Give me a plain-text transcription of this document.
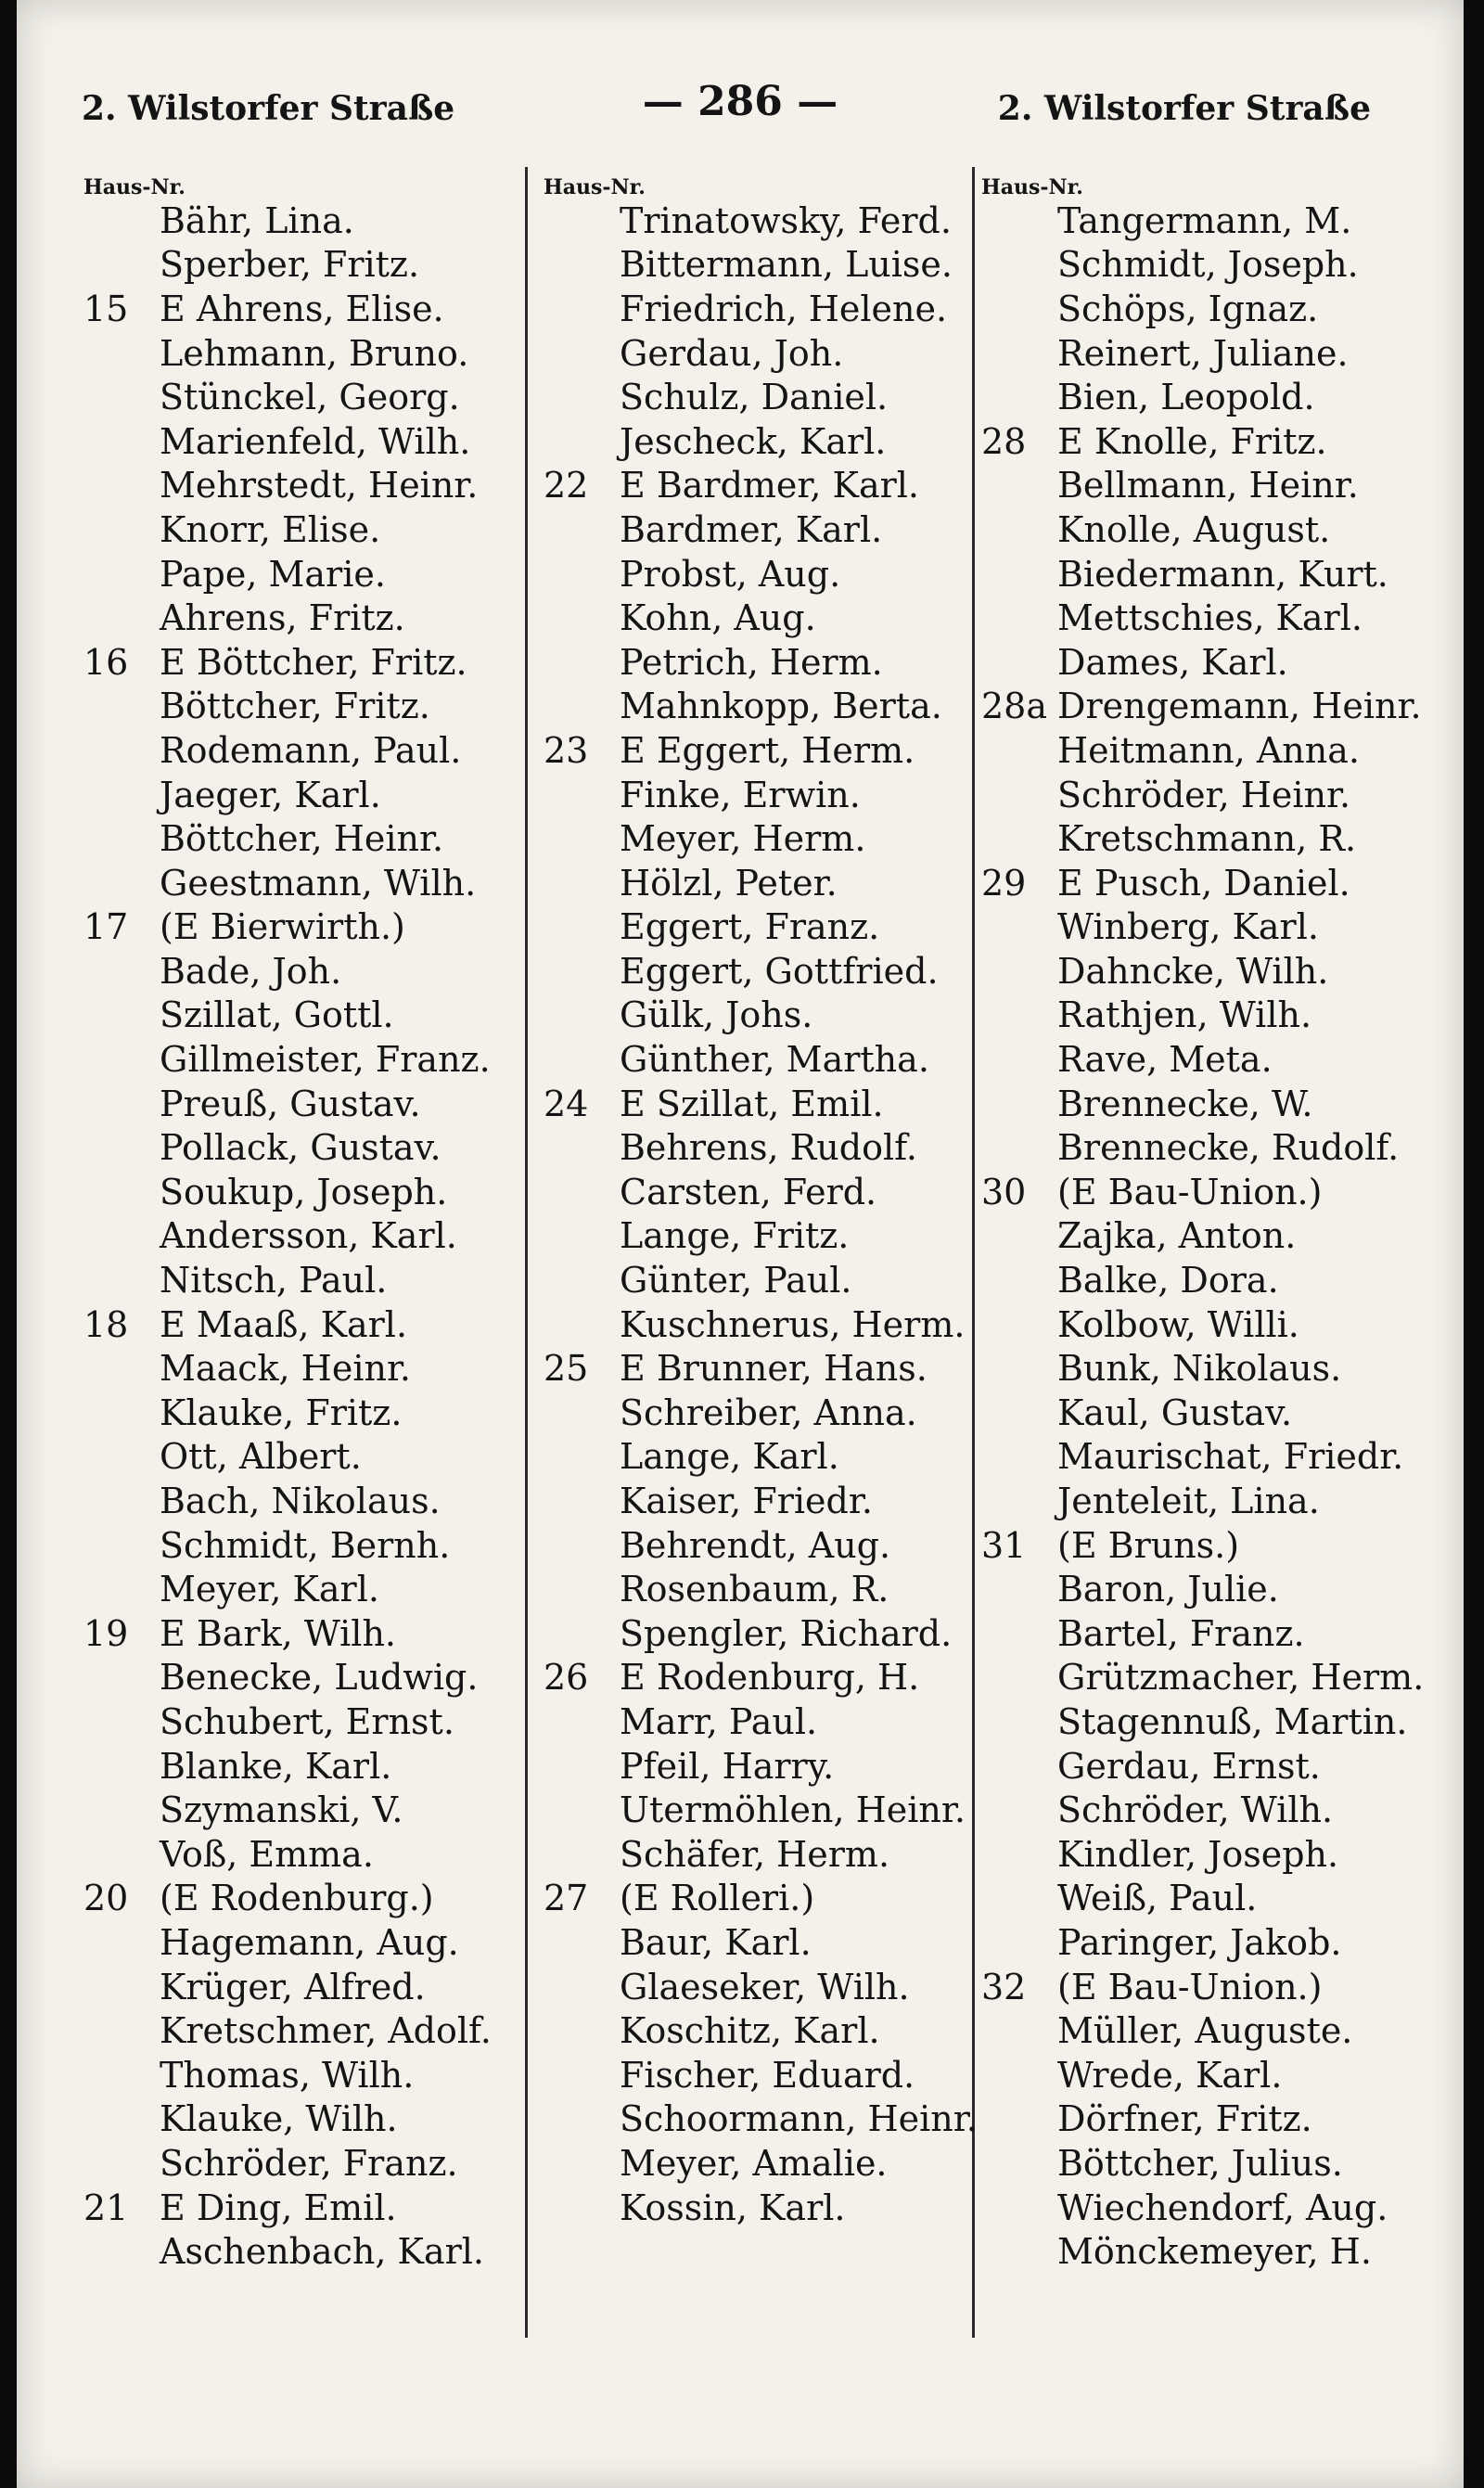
2. Wilstorfer Straße	— 286 —	2. Wilstorfer Straße
Haus-Nr.
Bähr, Lina.
Sperber, Fritz.
15 E Ahrens, Elise.
Lehmann, Bruno.
Stünckel, Georg.
Marienfeld, Wilh.
Mehrstedt, Heinr.
Knorr, Elise.
Pape, Marie.
Ahrens, Fritz.
16 E Böttcher, Fritz.
Böttcher, Fritz.
Rodemann, Paul.
Jaeger, Karl.
Böttcher, Heinr.
Geestmann, Wilh.
17 (E Bierwirth.)
Bade, Joh.
Szillat, Gottl.
Gillmeister, Franz.
Preuß, Gustav.
Pollack, Gustav.
Soukup, Joseph.
Andersson, Karl.
Nitsch, Paul.
18 E Maaß, Karl.
Maack, Heinr.
Klauke, Fritz.
Ott, Albert.
Bach, Nikolaus.
Schmidt, Bernh.
Meyer, Karl.
19 E Bark, Wilh.
Benecke, Ludwig.
Schubert, Ernst.
Blanke, Karl.
Szymanski, V.
Voß, Emma.
20 (E Rodenburg.)
Hagemann, Aug.
Krüger, Alfred.
Kretschmer, Adolf.
Thomas, Wilh.
Klauke, Wilh.
Schröder, Franz.
21 E Ding, Emil.
Aschenbach, Karl.
Haus-Nr.
Trinatowsky, Ferd.
Bittermann, Luise.
Friedrich, Helene.
Gerdau, Joh.
Schulz, Daniel.
Jescheck, Karl.
22 E Bardmer, Karl.
Bardmer, Karl.
Probst, Aug.
Kohn, Aug.
Petrich, Herm.
Mahnkopp, Berta.
23 E Eggert, Herm.
Finke, Erwin.
Meyer, Herm.
Hölzl, Peter.
Eggert, Franz.
Eggert, Gottfried.
Gülk, Johs.
Günther, Martha.
24 E Szillat, Emil.
Behrens, Rudolf.
Carsten, Ferd.
Lange, Fritz.
Günter, Paul.
Kuschnerus, Herm.
25 E Brunner, Hans.
Schreiber, Anna.
Lange, Karl.
Kaiser, Friedr.
Behrendt, Aug.
Rosenbaum, R.
Spengler, Richard.
26 E Rodenburg, H.
Marr, Paul.
Pfeil, Harry.
Utermöhlen, Heinr.
Schäfer, Herm.
27 (E Rolleri.)
Baur, Karl.
Glaeseker, Wilh.
Koschitz, Karl.
Fischer, Eduard.
Schoormann, Heinr.
Meyer, Amalie.
Kossin, Karl.
Haus-Nr.
Tangermann, M.
Schmidt, Joseph.
Schöps, Ignaz.
Reinert, Juliane.
Bien, Leopold.
28 E Knolle, Fritz.
Bellmann, Heinr.
Knolle, August.
Biedermann, Kurt.
Mettschies, Karl.
Dames, Karl.
28a Drengemann, Heinr.
Heitmann, Anna.
Schröder, Heinr.
Kretschmann, R.
29 E Pusch, Daniel.
Winberg, Karl.
Dahncke, Wilh.
Rathjen, Wilh.
Rave, Meta.
Brennecke, W.
Brennecke, Rudolf.
30 (E Bau-Union.)
Zajka, Anton.
Balke, Dora.
Kolbow, Willi.
Bunk, Nikolaus.
Kaul, Gustav.
Maurischat, Friedr.
Jenteleit, Lina.
31 (E Bruns.)
Baron, Julie.
Bartel, Franz.
Grützmacher, Herm.
Stagennuß, Martin.
Gerdau, Ernst.
Schröder, Wilh.
Kindler, Joseph.
Weiß, Paul.
Paringer, Jakob.
32 (E Bau-Union.)
Müller, Auguste.
Wrede, Karl.
Dörfner, Fritz.
Böttcher, Julius.
Wiechendorf, Aug.
Mönckemeyer, H.
